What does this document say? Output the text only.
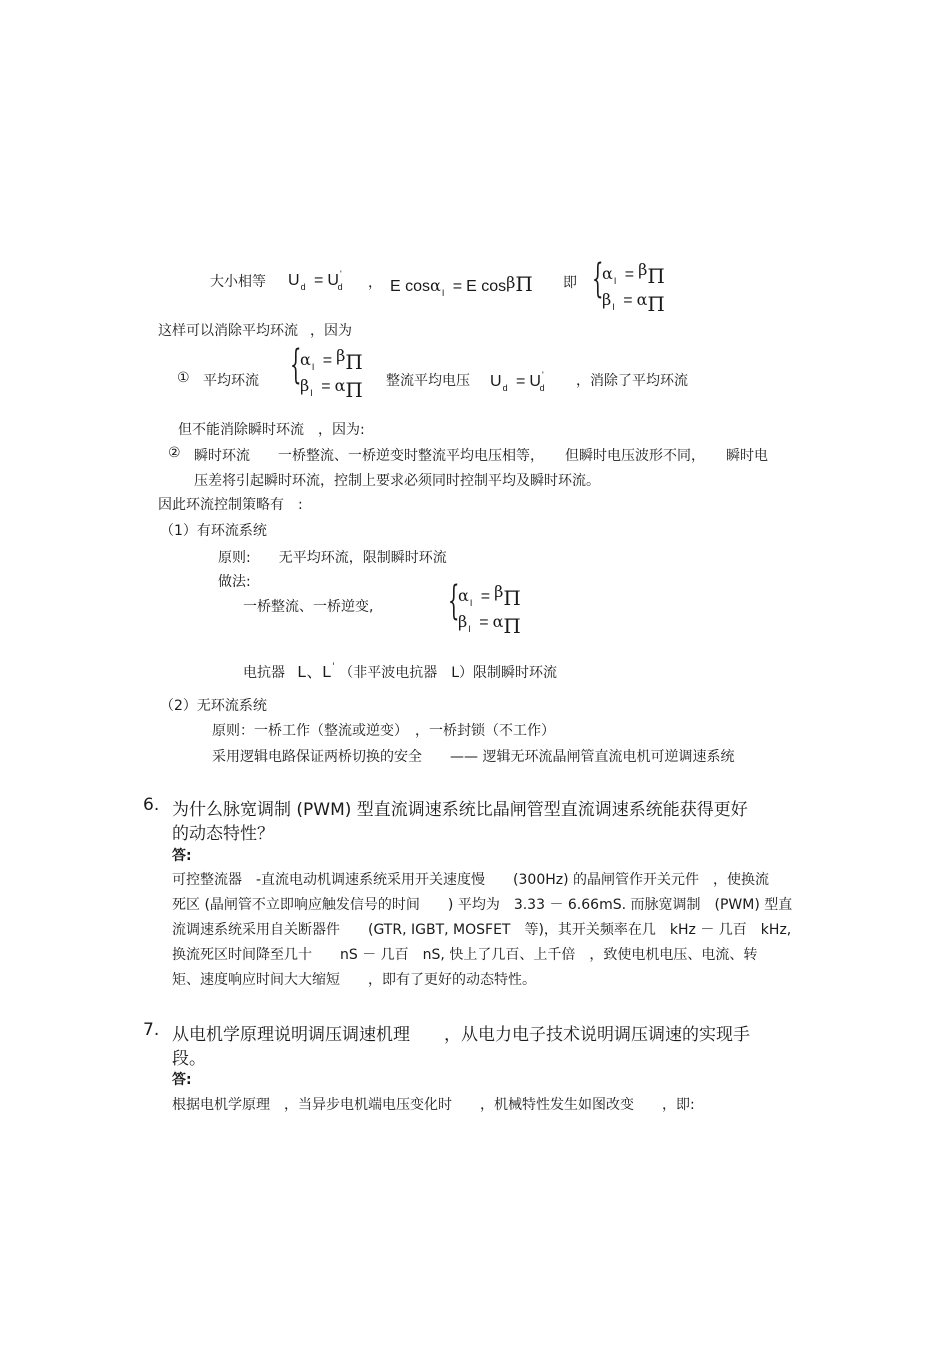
大小相等 $U_d = U'_d$ ， E cosα$_I$ = E cosβΠ 即 {
$\alpha_I = \beta\Pi$
$\beta_I = \alpha\Pi$
这样可以消除平均环流 ，因为
① 平均环流 {
$\alpha_I = \beta\Pi$
$\beta_I = \alpha\Pi$ 整流平均电压 $U_d = U'_d$ ，消除了平均环流
但不能消除瞬时环流　，因为:
② 瞬时环流　　一桥整流、一桥逆变时整流平均电压相等，　　但瞬时电压波形不同，　　瞬时电
压差将引起瞬时环流，控制上要求必须同时控制平均及瞬时环流。
因此环流控制策略有　:
（1）有环流系统
原则:　　无平均环流，限制瞬时环流
做法:
一桥整流、一桥逆变, {
$\alpha_I = \beta\Pi$
$\beta_I = \alpha\Pi$
电抗器 L、L' （非平波电抗器　L）限制瞬时环流
（2）无环流系统
原则：一桥工作（整流或逆变）　，一桥封锁（不工作）
采用逻辑电路保证两桥切换的安全　　—— 逻辑无环流晶闸管直流电机可逆调速系统
6. 为什么脉宽调制 (PWM) 型直流调速系统比晶闸管型直流调速系统能获得更好
的动态特性？
答:
可控整流器　-直流电动机调速系统采用开关速度慢　　(300Hz) 的晶闸管作开关元件　，使换流
死区 (晶闸管不立即响应触发信号的时间　　) 平均为　3.33 － 6.66mS. 而脉宽调制　(PWM) 型直
流调速系统采用自关断器件　　(GTR, IGBT, MOSFET　等)，其开关频率在几　kHz － 几百　kHz,
换流死区时间降至几十　　nS － 几百　nS, 快上了几百、上千倍　，致使电机电压、电流、转
矩、速度响应时间大大缩短　　，即有了更好的动态特性。
7. 从电机学原理说明调压调速机理　　，从电力电子技术说明调压调速的实现手
段。
答:
根据电机学原理　，当异步电机端电压变化时　　，机械特性发生如图改变　　，即:
